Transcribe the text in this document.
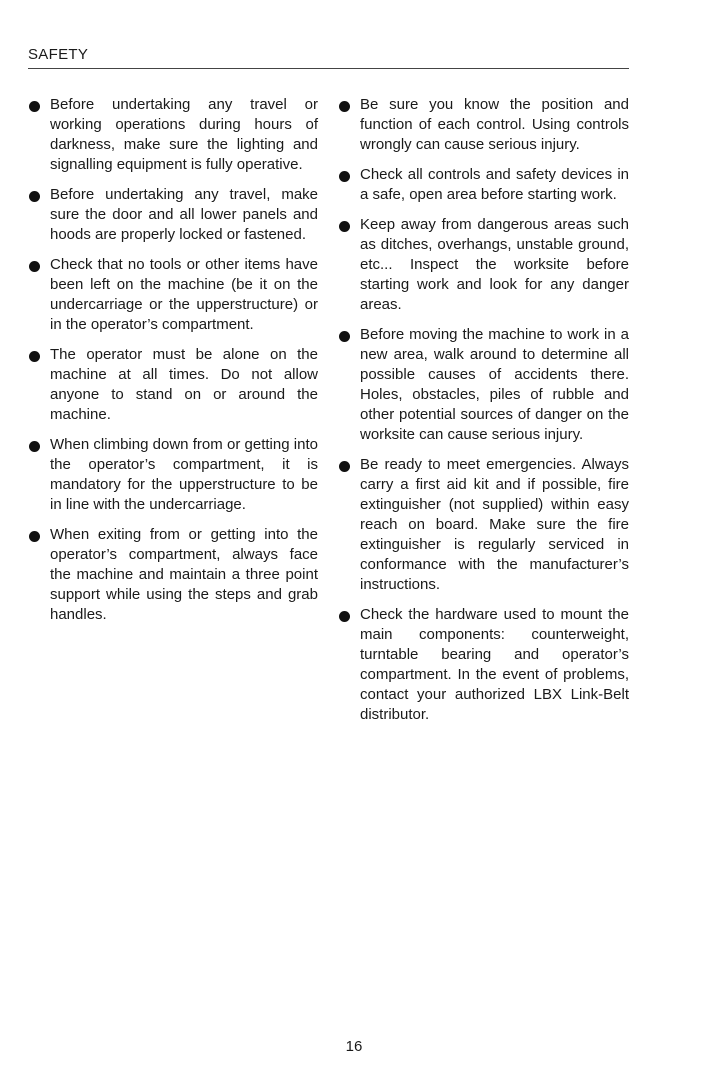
SAFETY
Before undertaking any travel or working operations during hours of darkness, make sure the lighting and signalling equipment is fully operative.
Before undertaking any travel, make sure the door and all lower panels and hoods are properly locked or fastened.
Check that no tools or other items have been left on the machine (be it on the undercarriage or the upperstructure) or in the operator’s compartment.
The operator must be alone on the machine at all times. Do not allow anyone to stand on or around the machine.
When climbing down from or getting into the operator’s compartment, it is mandatory for the upperstructure to be in line with the undercarriage.
When exiting from or getting into the operator’s compartment, always face the machine and maintain a three point support while using the steps and grab handles.
Be sure you know the position and function of each control. Using controls wrongly can cause serious injury.
Check all controls and safety devices in a safe, open area before starting work.
Keep away from dangerous areas such as ditches, overhangs, unstable ground, etc... Inspect the worksite before starting work and look for any danger areas.
Before moving the machine to work in a new area, walk around to determine all possible causes of accidents there. Holes, obstacles, piles of rubble and other potential sources of danger on the worksite can cause serious injury.
Be ready to meet emergencies. Always carry a first aid kit and if possible, fire extinguisher (not supplied) within easy reach on board. Make sure the fire extinguisher is regularly serviced in conformance with the manufacturer’s instructions.
Check the hardware used to mount the main components: counterweight, turntable bearing and operator’s compartment. In the event of problems, contact your authorized LBX Link-Belt distributor.
16
